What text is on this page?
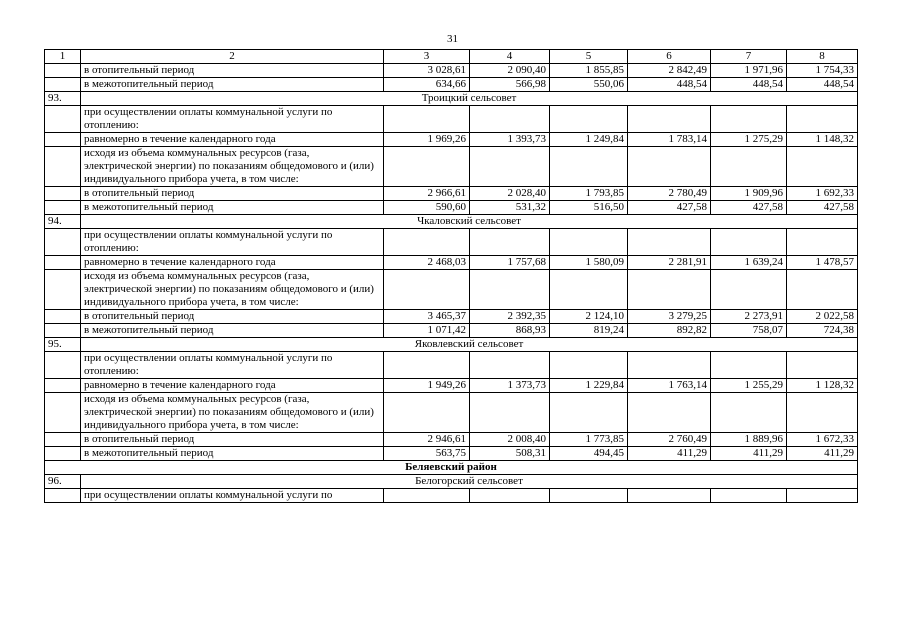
31
1	2	3	4	5	6	7	8
	в отопительный период	3 028,61	2 090,40	1 855,85	2 842,49	1 971,96	1 754,33
	в межотопительный период	634,66	566,98	550,06	448,54	448,54	448,54
93.	Троицкий сельсовет						
	при осуществлении оплаты коммунальной услуги по отоплению:						
	равномерно в течение календарного года	1 969,26	1 393,73	1 249,84	1 783,14	1 275,29	1 148,32
	исходя из объема коммунальных ресурсов (газа, электрической энергии) по показаниям общедомового и (или) индивидуального прибора учета, в том числе:						
	в отопительный период	2 966,61	2 028,40	1 793,85	2 780,49	1 909,96	1 692,33
	в межотопительный период	590,60	531,32	516,50	427,58	427,58	427,58
94.	Чкаловский сельсовет						
	при осуществлении оплаты коммунальной услуги по отоплению:						
	равномерно в течение календарного года	2 468,03	1 757,68	1 580,09	2 281,91	1 639,24	1 478,57
	исходя из объема коммунальных ресурсов (газа, электрической энергии) по показаниям общедомового и (или) индивидуального прибора учета, в том числе:						
	в отопительный период	3 465,37	2 392,35	2 124,10	3 279,25	2 273,91	2 022,58
	в межотопительный период	1 071,42	868,93	819,24	892,82	758,07	724,38
95.	Яковлевский сельсовет						
	при осуществлении оплаты коммунальной услуги по отоплению:						
	равномерно в течение календарного года	1 949,26	1 373,73	1 229,84	1 763,14	1 255,29	1 128,32
	исходя из объема коммунальных ресурсов (газа, электрической энергии) по показаниям общедомового и (или) индивидуального прибора учета, в том числе:						
	в отопительный период	2 946,61	2 008,40	1 773,85	2 760,49	1 889,96	1 672,33
	в межотопительный период	563,75	508,31	494,45	411,29	411,29	411,29
Беляевский район							
96.	Белогорский сельсовет						
	при осуществлении оплаты коммунальной услуги по						
